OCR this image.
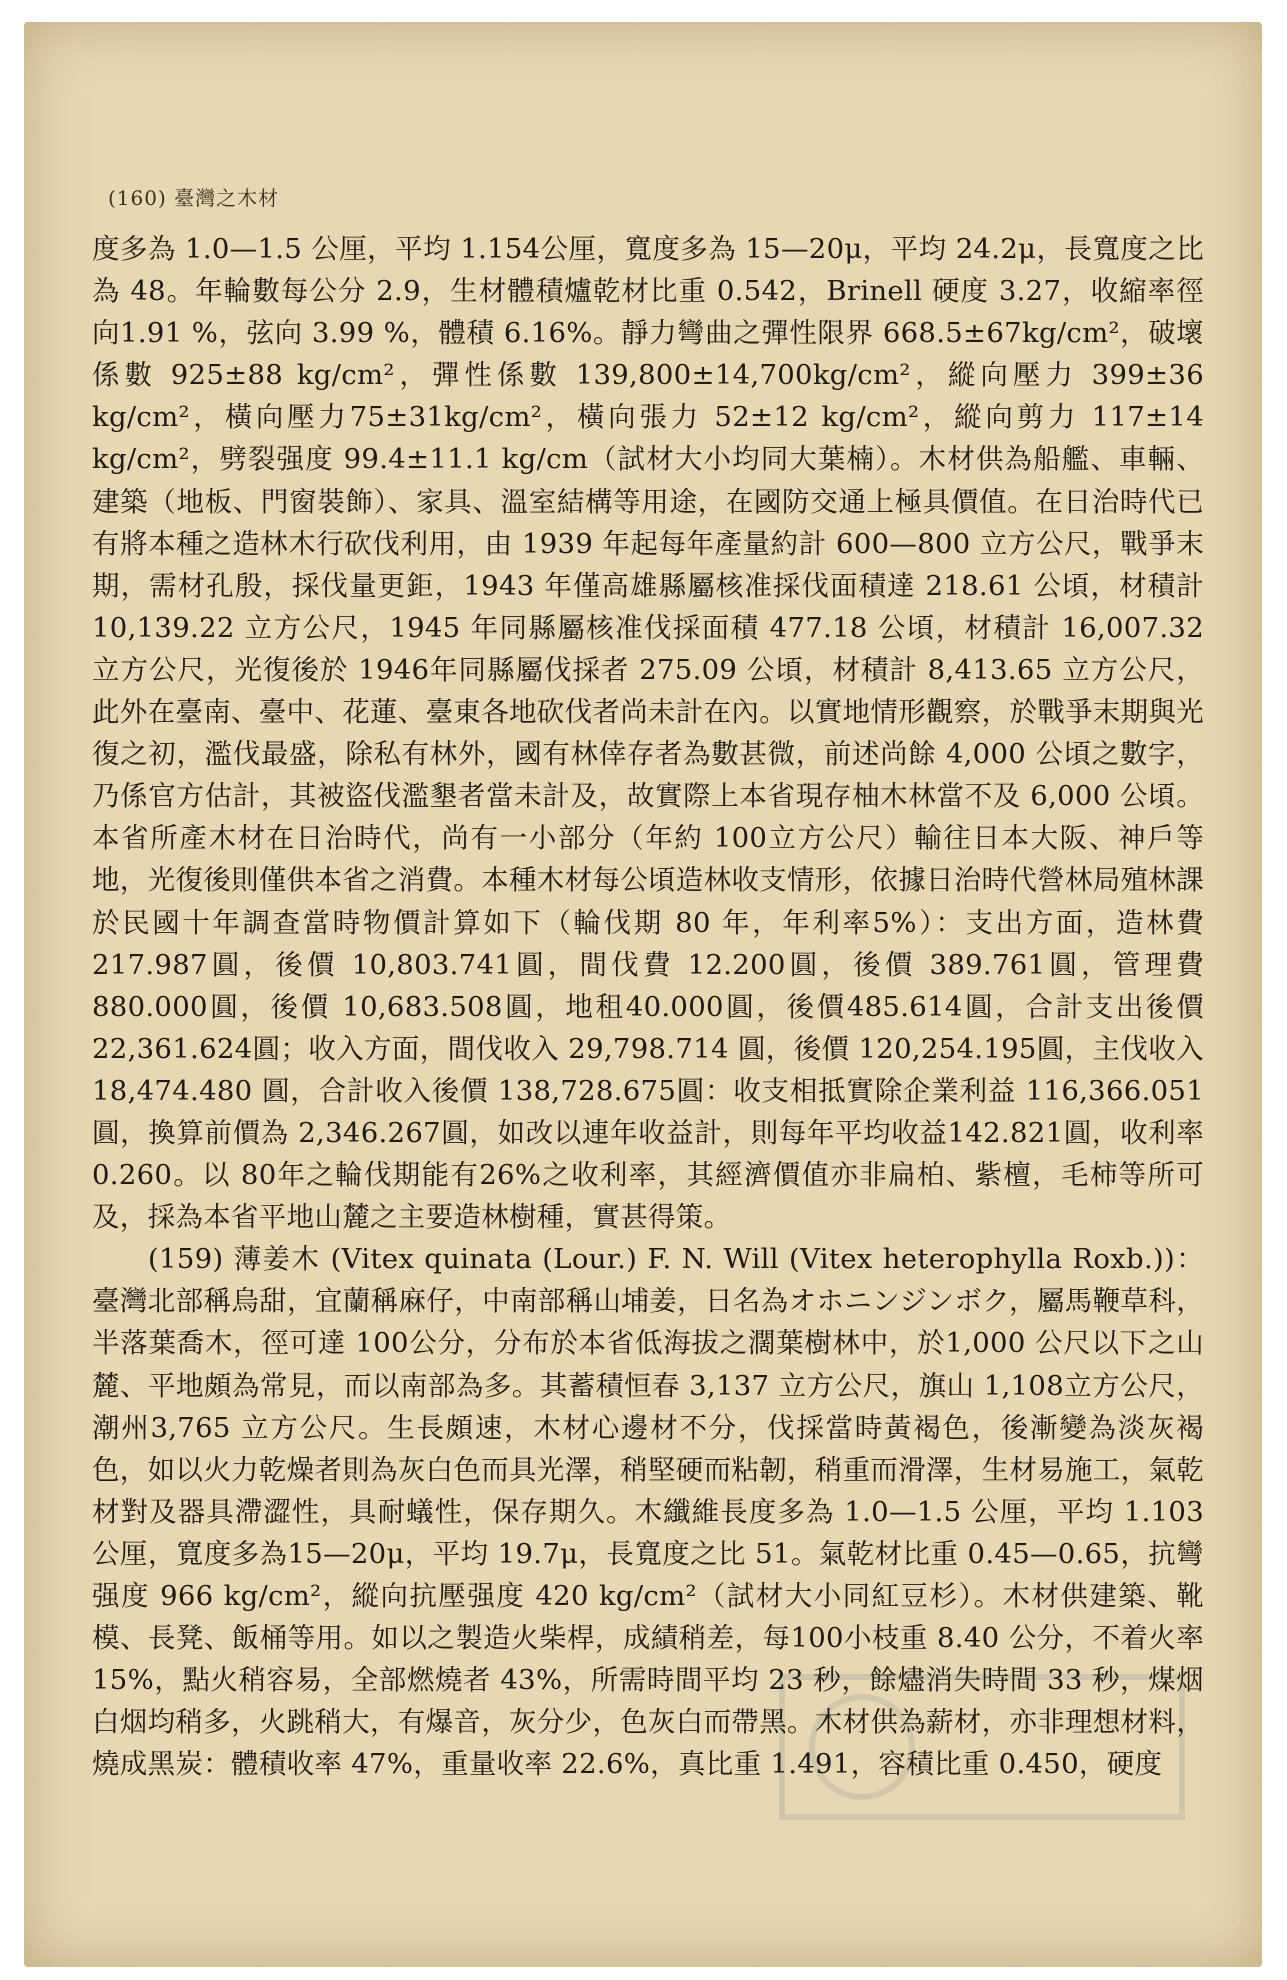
(160) 臺灣之木材

度多為 1.0—1.5 公厘，平均 1.154公厘，寬度多為 15—20μ，平均 24.2μ，長寬度之比為 48。年輪數每公分 2.9，生材體積爐乾材比重 0.542，Brinell 硬度 3.27，收縮率徑向1.91 %，弦向 3.99 %，體積 6.16%。靜力彎曲之彈性限界 668.5±67kg/cm²，破壞係數 925±88 kg/cm²，彈性係數 139,800±14,700kg/cm²，縱向壓力 399±36 kg/cm²，橫向壓力75±31kg/cm²，橫向張力 52±12 kg/cm²，縱向剪力 117±14 kg/cm²，劈裂强度 99.4±11.1 kg/cm（試材大小均同大葉楠）。木材供為船艦、車輛、建築（地板、門窗裝飾）、家具、溫室結構等用途，在國防交通上極具價值。在日治時代已有將本種之造林木行砍伐利用，由 1939 年起每年產量約計 600—800 立方公尺，戰爭末期，需材孔殷，採伐量更鉅，1943 年僅高雄縣屬核准採伐面積達 218.61 公頃，材積計 10,139.22 立方公尺，1945 年同縣屬核准伐採面積 477.18 公頃，材積計 16,007.32 立方公尺，光復後於 1946年同縣屬伐採者 275.09 公頃，材積計 8,413.65 立方公尺，此外在臺南、臺中、花蓮、臺東各地砍伐者尚未計在內。以實地情形觀察，於戰爭末期與光復之初，濫伐最盛，除私有林外，國有林倖存者為數甚微，前述尚餘 4,000 公頃之數字，乃係官方估計，其被盜伐濫墾者當未計及，故實際上本省現存柚木林當不及 6,000 公頃。本省所產木材在日治時代，尚有一小部分（年約 100立方公尺）輸往日本大阪、神戶等地，光復後則僅供本省之消費。本種木材每公頃造林收支情形，依據日治時代營林局殖林課於民國十年調查當時物價計算如下（輪伐期 80 年，年利率5%）：支出方面，造林費 217.987圓，後價 10,803.741圓，間伐費 12.200圓，後價 389.761圓，管理費 880.000圓，後價 10,683.508圓，地租40.000圓，後價485.614圓，合計支出後價22,361.624圓；收入方面，間伐收入 29,798.714 圓，後價 120,254.195圓，主伐收入 18,474.480 圓，合計收入後價 138,728.675圓：收支相抵實除企業利益 116,366.051圓，換算前價為 2,346.267圓，如改以連年收益計，則每年平均收益142.821圓，收利率 0.260。以 80年之輪伐期能有26%之收利率，其經濟價值亦非扁柏、紫檀，毛柿等所可及，採為本省平地山麓之主要造林樹種，實甚得策。

(159) 薄姜木 (Vitex quinata (Lour.) F. N. Will (Vitex heterophylla Roxb.))：臺灣北部稱烏甜，宜蘭稱麻仔，中南部稱山埔姜，日名為オホニンジンボク，屬馬鞭草科，半落葉喬木，徑可達 100公分，分布於本省低海拔之濶葉樹林中，於1,000 公尺以下之山麓、平地頗為常見，而以南部為多。其蓄積恒春 3,137 立方公尺，旗山 1,108立方公尺，潮州3,765 立方公尺。生長頗速，木材心邊材不分，伐採當時黃褐色，後漸變為淡灰褐色，如以火力乾燥者則為灰白色而具光澤，稍堅硬而粘韌，稍重而滑澤，生材易施工，氣乾材對及器具滯澀性，具耐蟻性，保存期久。木纖維長度多為 1.0—1.5 公厘，平均 1.103公厘，寬度多為15—20μ，平均 19.7μ，長寬度之比 51。氣乾材比重 0.45—0.65，抗彎强度 966 kg/cm²，縱向抗壓强度 420 kg/cm²（試材大小同紅豆杉）。木材供建築、靴模、長凳、飯桶等用。如以之製造火柴桿，成績稍差，每100小枝重 8.40 公分，不着火率 15%，點火稍容易，全部燃燒者 43%，所需時間平均 23 秒，餘燼消失時間 33 秒，煤烟白烟均稍多，火跳稍大，有爆音，灰分少，色灰白而帶黑。木材供為薪材，亦非理想材料，燒成黑炭：體積收率 47%，重量收率 22.6%，真比重 1.491，容積比重 0.450，硬度
